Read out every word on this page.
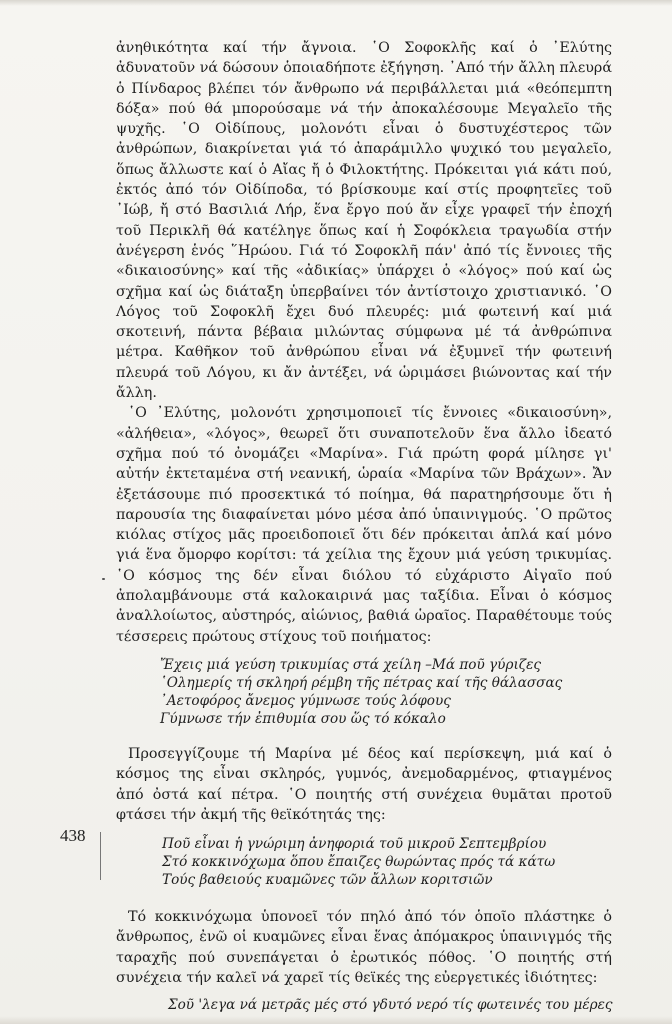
ἀνηθικότητα καί τήν ἄγνοια. ῾Ο Σοφοκλῆς καί ὁ ᾿Ελύτης ἀδυνατοῦν νά δώσουν ὁποιαδήποτε ἐξήγηση. ᾿Από τήν ἄλλη πλευρά ὁ Πίνδαρος βλέπει τόν ἄνθρωπο νά περιβάλλεται μιά «θεόπεμπτη δόξα» πού θά μπορούσαμε νά τήν ἀποκαλέσουμε Μεγαλεῖο τῆς ψυχῆς. ῾Ο Οἰδίπους, μολονότι εἶναι ὁ δυστυχέστερος τῶν ἀνθρώπων, διακρίνεται γιά τό ἀπαράμιλλο ψυχικό του μεγαλεῖο, ὅπως ἄλλωστε καί ὁ Αἴας ἤ ὁ Φιλοκτήτης. Πρόκειται γιά κάτι πού, ἐκτός ἀπό τόν Οἰδίποδα, τό βρίσκουμε καί στίς προφητεῖες τοῦ ᾿Ιώβ, ἤ στό Βασιλιά Λήρ, ἕνα ἔργο πού ἄν εἶχε γραφεῖ τήν ἐποχή τοῦ Περικλῆ θά κατέληγε ὅπως καί ἡ Σοφόκλεια τραγωδία στήν ἀνέγερση ἑνός ῞Ηρώου. Γιά τό Σοφοκλῆ πάν' ἀπό τίς ἔννοιες τῆς «δικαιοσύνης» καί τῆς «ἀδικίας» ὑπάρχει ὁ «λόγος» πού καί ὡς σχῆμα καί ὡς διάταξη ὑπερβαίνει τόν ἀντίστοιχο χριστιανικό. ῾Ο Λόγος τοῦ Σοφοκλῆ ἔχει δυό πλευρές: μιά φωτεινή καί μιά σκοτεινή, πάντα βέβαια μιλώντας σύμφωνα μέ τά ἀνθρώπινα μέτρα. Καθῆκον τοῦ ἀνθρώπου εἶναι νά ἐξυμνεῖ τήν φωτεινή πλευρά τοῦ Λόγου, κι ἄν ἀντέξει, νά ὡριμάσει βιώνοντας καί τήν ἄλλη.

῾Ο ᾿Ελύτης, μολονότι χρησιμοποιεῖ τίς ἔννοιες «δικαιοσύνη», «ἀλήθεια», «λόγος», θεωρεῖ ὅτι συναποτελοῦν ἕνα ἄλλο ἰδεατό σχῆμα πού τό ὀνομάζει «Μαρίνα». Γιά πρώτη φορά μίλησε γι' αὐτήν ἐκτεταμένα στή νεανική, ὡραία «Μαρίνα τῶν Βράχων». Ἄν ἐξετάσουμε πιό προσεκτικά τό ποίημα, θά παρατηρήσουμε ὅτι ἡ παρουσία της διαφαίνεται μόνο μέσα ἀπό ὑπαινιγμούς. ῾Ο πρῶτος κιόλας στίχος μᾶς προειδοποιεῖ ὅτι δέν πρόκειται ἁπλά καί μόνο γιά ἕνα ὄμορφο κορίτσι: τά χείλια της ἔχουν μιά γεύση τρικυμίας. ῾Ο κόσμος της δέν εἶναι διόλου τό εὐχάριστο Αἰγαῖο πού ἀπολαμβάνουμε στά καλοκαιρινά μας ταξίδια. Εἶναι ὁ κόσμος ἀναλλοίωτος, αὐστηρός, αἰώνιος, βαθιά ὡραῖος. Παραθέτουμε τούς τέσσερεις πρώτους στίχους τοῦ ποιήματος:

Ἔχεις μιά γεύση τρικυμίας στά χείλη –Μά ποῦ γύριζες
῾Ολημερίς τή σκληρή ρέμβη τῆς πέτρας καί τῆς θάλασσας
᾿Αετοφόρος ἄνεμος γύμνωσε τούς λόφους
Γύμνωσε τήν ἐπιθυμία σου ὥς τό κόκαλο

Προσεγγίζουμε τή Μαρίνα μέ δέος καί περίσκεψη, μιά καί ὁ κόσμος της εἶναι σκληρός, γυμνός, ἀνεμοδαρμένος, φτιαγμένος ἀπό ὀστά καί πέτρα. ῾Ο ποιητής στή συνέχεια θυμᾶται προτοῦ φτάσει τήν ἀκμή τῆς θεϊκότητάς της:

Ποῦ εἶναι ἡ γνώριμη ἀνηφοριά τοῦ μικροῦ Σεπτεμβρίου
Στό κοκκινόχωμα ὅπου ἔπαιζες θωρώντας πρός τά κάτω
Τούς βαθειούς κυαμῶνες τῶν ἄλλων κοριτσιῶν

Τό κοκκινόχωμα ὑπονοεῖ τόν πηλό ἀπό τόν ὁποῖο πλάστηκε ὁ ἄνθρωπος, ἐνῶ οἱ κυαμῶνες εἶναι ἕνας ἀπόμακρος ὑπαινιγμός τῆς ταραχῆς πού συνεπάγεται ὁ ἐρωτικός πόθος. ῾Ο ποιητής στή συνέχεια τήν καλεῖ νά χαρεῖ τίς θεϊκές της εὐεργετικές ἰδιότητες:

Σοῦ 'λεγα νά μετρᾶς μές στό γδυτό νερό τίς φωτεινές του μέρες
438
